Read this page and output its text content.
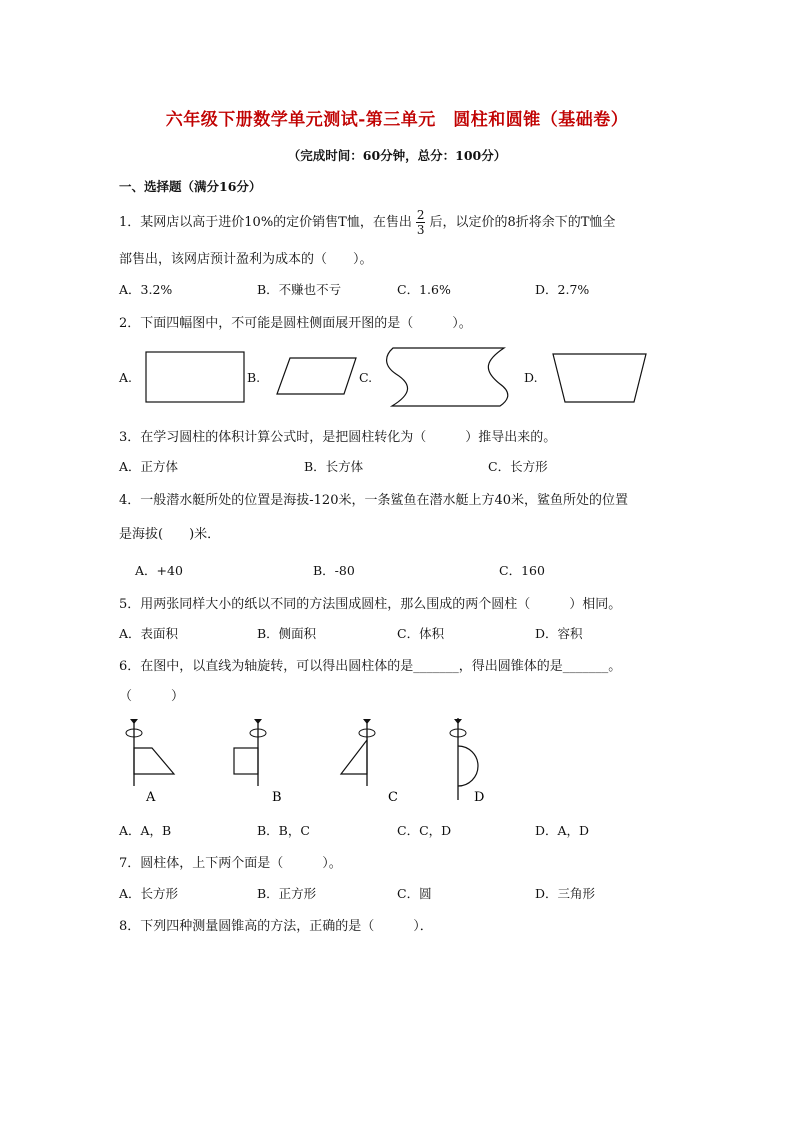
六年级下册数学单元测试-第三单元　圆柱和圆锥（基础卷）
（完成时间：60分钟，总分：100分）
一、选择题（满分16分）
1．某网店以高于进价10%的定价销售T恤，在售出 $\frac{2}{3}$ 后，以定价的8折将余下的T恤全
部售出，该网店预计盈利为成本的（　　）。
A．3.2%	B．不赚也不亏	C．1.6%	D．2.7%
2．下面四幅图中，不可能是圆柱侧面展开图的是（　　　）。
A.	B.	C.	D.
3．在学习圆柱的体积计算公式时，是把圆柱转化为（　　　）推导出来的。
A．正方体	B．长方体	C．长方形
4．一般潜水艇所处的位置是海拔-120米，一条鲨鱼在潜水艇上方40米，鲨鱼所处的位置
是海拔(　　)米．
A．+40	B．-80	C．160
5．用两张同样大小的纸以不同的方法围成圆柱，那么围成的两个圆柱（　　　）相同。
A．表面积	B．侧面积	C．体积	D．容积
6．在图中，以直线为轴旋转，可以得出圆柱体的是_______，得出圆锥体的是_______。
（　　　）
A	B	C	D
A．A，B	B．B，C	C．C，D	D．A，D
7．圆柱体，上下两个面是（　　　）。
A．长方形	B．正方形	C．圆	D．三角形
8．下列四种测量圆锥高的方法，正确的是（　　　）．
